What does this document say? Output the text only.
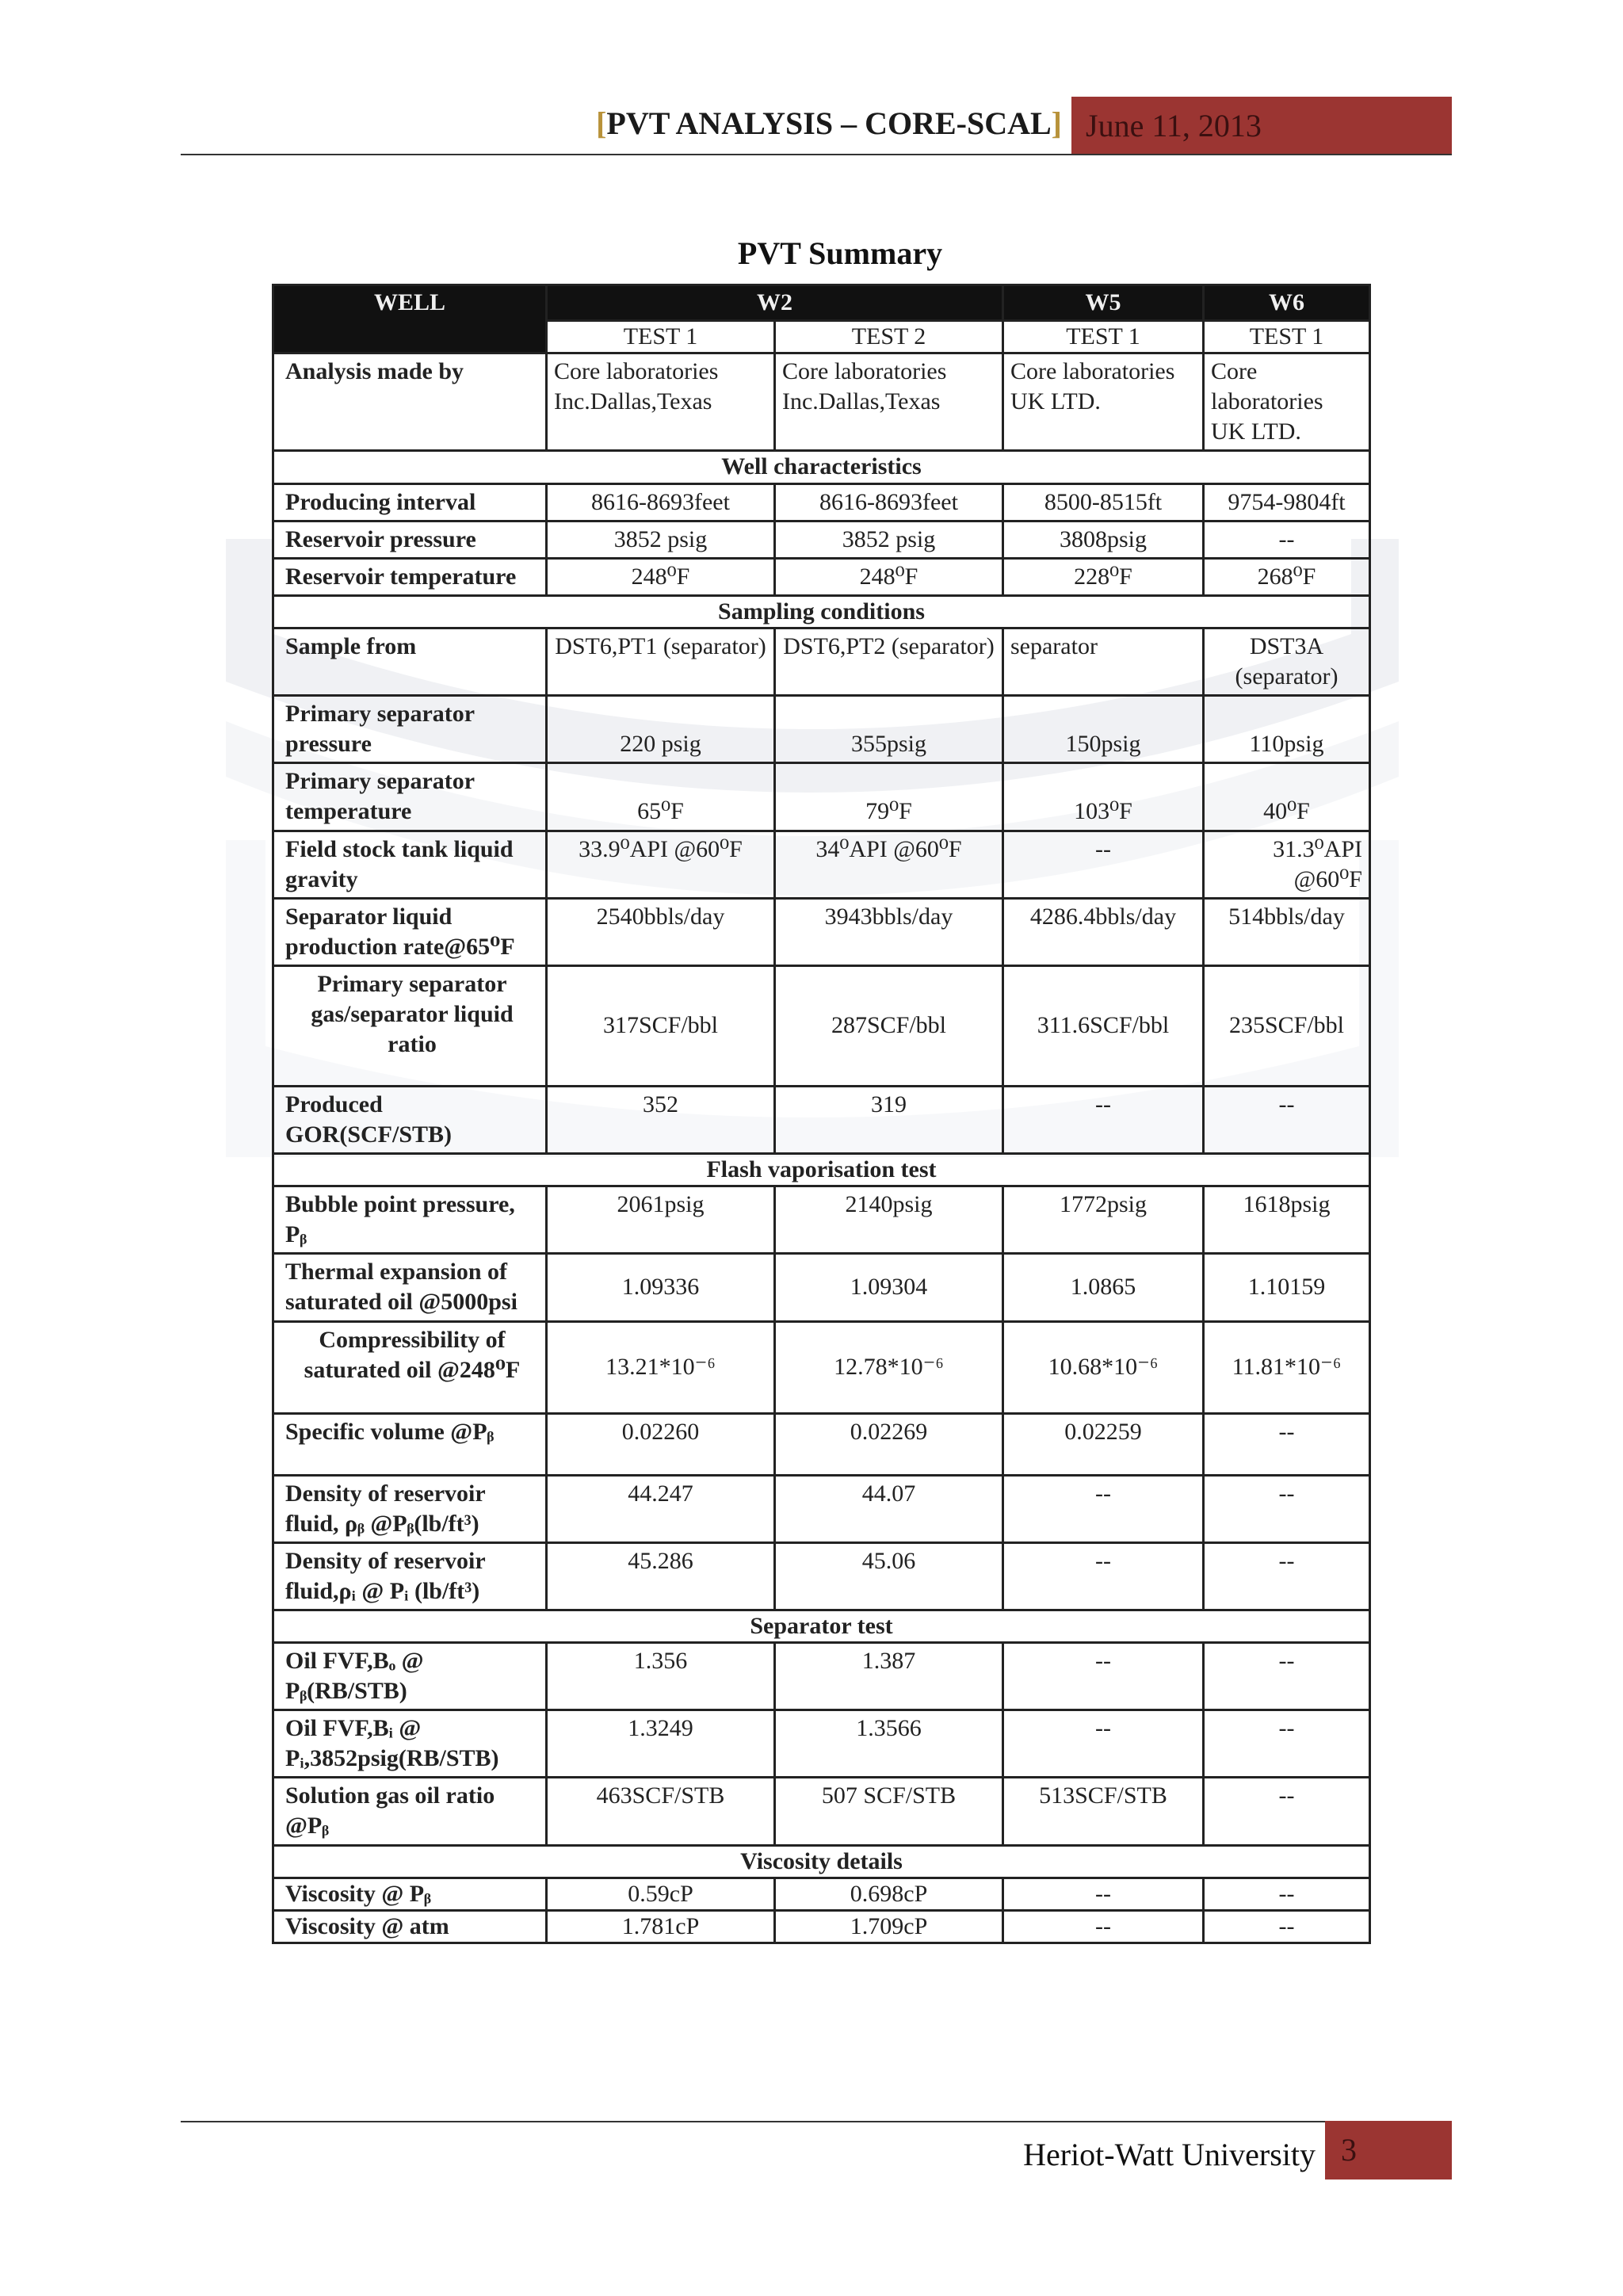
[PVT ANALYSIS – CORE-SCAL] June 11, 2013
PVT Summary
WELL	W2		W5	W6
	TEST 1	TEST 2	TEST 1	TEST 1
Analysis made by	Core laboratories Inc.Dallas,Texas	Core laboratories Inc.Dallas,Texas	Core laboratories UK LTD.	Core laboratories UK LTD.
Well characteristics				
Producing interval	8616-8693feet	8616-8693feet	8500-8515ft	9754-9804ft
Reservoir pressure	3852 psig	3852 psig	3808psig	--
Reservoir temperature	248⁰F	248⁰F	228⁰F	268⁰F
Sampling conditions				
Sample from	DST6,PT1 (separator)	DST6,PT2 (separator)	separator	DST3A (separator)
Primary separator pressure	220 psig	355psig	150psig	110psig
Primary separator temperature	65⁰F	79⁰F	103⁰F	40⁰F
Field stock tank liquid gravity	33.9⁰API @60⁰F	34⁰API @60⁰F	--	31.3⁰API @60⁰F
Separator liquid production rate@65⁰F	2540bbls/day	3943bbls/day	4286.4bbls/day	514bbls/day
Primary separator gas/separator liquid ratio	317SCF/bbl	287SCF/bbl	311.6SCF/bbl	235SCF/bbl
Produced GOR(SCF/STB)	352	319	--	--
Flash vaporisation test				
Bubble point pressure, Pᵦ	2061psig	2140psig	1772psig	1618psig
Thermal expansion of saturated oil @5000psi	1.09336	1.09304	1.0865	1.10159
Compressibility of saturated oil @248⁰F	13.21*10⁻⁶	12.78*10⁻⁶	10.68*10⁻⁶	11.81*10⁻⁶
Specific volume @Pᵦ	0.02260	0.02269	0.02259	--
Density of reservoir fluid, ρᵦ @Pᵦ(lb/ft³)	44.247	44.07	--	--
Density of reservoir fluid,ρᵢ @ Pᵢ (lb/ft³)	45.286	45.06	--	--
Separator test				
Oil FVF,Bₒ @ Pᵦ(RB/STB)	1.356	1.387	--	--
Oil FVF,Bᵢ @ Pᵢ,3852psig(RB/STB)	1.3249	1.3566	--	--
Solution gas oil ratio @Pᵦ	463SCF/STB	507 SCF/STB	513SCF/STB	--
Viscosity details				
Viscosity @ Pᵦ	0.59cP	0.698cP	--	--
Viscosity @ atm	1.781cP	1.709cP	--	--
Heriot-Watt University 3
